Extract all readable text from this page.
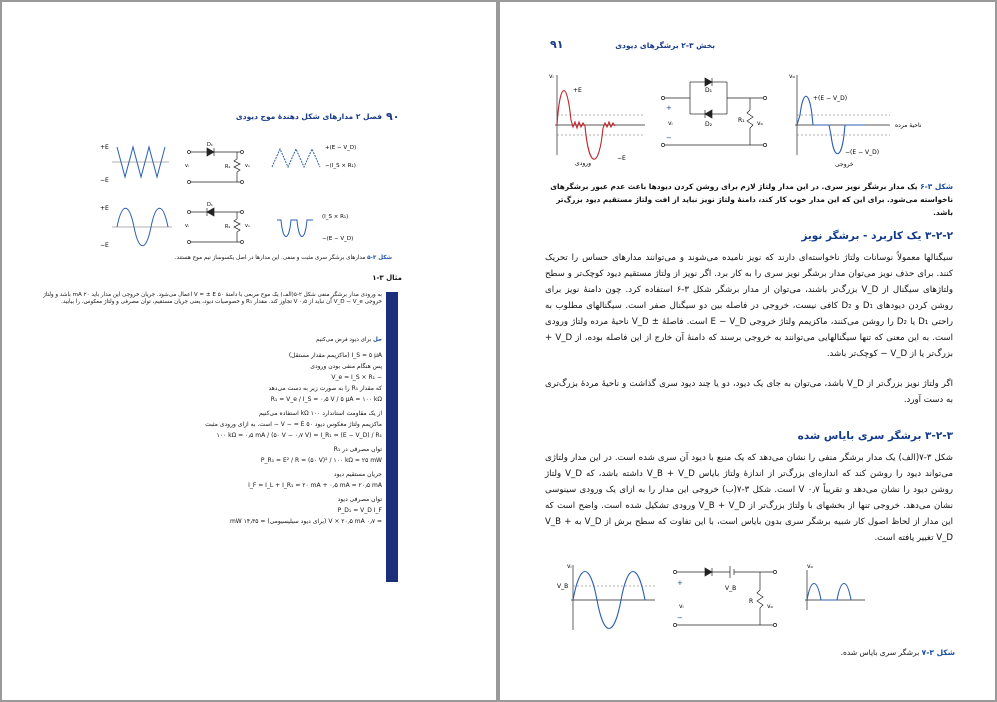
۹۰
فصل ۲ مدارهای شکل دهندهٔ موج دیودی
+E
−E
D₁
R₁
vᵢ	vₒ
+(E − V_D)
−(I_S × R₁)
+E
−E
D₁
R₁
vᵢ	vₒ
(I_S × R₁)
−(E − V_D)
شکل ۳-۵ مدارهای برشگر سری مثبت و منفی. این مدارها در اصل یکسوساز نیم موج هستند.
مثال ۳-۱
به ورودی مدار برشگر منفی شکل ۲-۵(الف) یک موج مربعی با دامنهٔ ۵۰ V = ± E اعمال می‌شود. جریان خروجی این مدار باید ۲۰ mA باشد و ولتاژ خروجی V_D − V_e آن نباید از ۰٫۵ V تجاوز کند. مقدار R₁ و خصوصیات دیود، یعنی جریان مستقیم، توان مصرفی و ولتاژ معکوس، را بیابید.
حل برای دیود فرض می‌کنیم
I_S = ۵ μA (ماکزیمم مقدار مستقل)
پس هنگام منفی بودن ورودی
− V_e = I_S × R₁
که مقدار R₁ را به صورت زیر به دست می‌دهد
R₁ = V_e / I_S = ۰٫۵ V / ۵ μA = ۱۰۰ kΩ
از یک مقاومت استاندارد ۱۰۰ kΩ استفاده می‌کنیم
ماکزیمم ولتاژ معکوس دیود ۵۰ V − = E − است. به ازای ورودی مثبت
I_R₁ = (E − V_D) / R₁ = (۵۰ V − ۰٫۷ V) / ۱۰۰ kΩ = ۰٫۵ mA
توان مصرفی در R₁
P_R₁ = E² / R = (۵۰ V)² / ۱۰۰ kΩ = ۲۵ mW
جریان مستقیم دیود
I_F = I_L + I_R₁ = ۲۰ mA + ۰٫۵ mA = ۲۰٫۵ mA
توان مصرفی دیود
P_D₁ = V_D I_F
= ۰٫۷ V × ۲۰٫۵ mA (برای دیود سیلیسیومی) = ۱۴٫۳۵ mW
۹۱	بخش ۳-۲ برشگرهای دیودی
vᵢ
+E
−E
ورودی
D₁
D₂
R₁
vᵢ	vₒ
+
−
vₒ
+(E − V_D)
−(E − V_D)
ناحیهٔ مرده
خروجی
شکل ۳-۶ یک مدار برشگر نویز سری. در این مدار ولتاژ لازم برای روشن کردن دیودها باعث عدم عبور برشگرهای ناخواسته می‌شود. برای این که این مدار خوب کار کند، دامنهٔ ولتاژ نویز نباید از افت ولتاژ مستقیم دیود بزرگ‌تر باشد.
۳-۲-۲ یک کاربرد - برشگر نویز
سیگنالها معمولاً نوسانات ولتاژ ناخواسته‌ای دارند که نویز نامیده می‌شوند و می‌توانند مدارهای حساس را تحریک کنند. برای حذف نویز می‌توان مدار برشگر نویز سری را به کار برد. اگر نویز از ولتاژ مستقیم دیود کوچک‌تر و سطح ولتاژهای سیگنال از V_D بزرگ‌تر باشند، می‌توان از مدار برشگر شکل ۳-۶ استفاده کرد. چون دامنهٔ نویز برای روشن کردن دیودهای D₁ و D₂ کافی نیست، خروجی در فاصله بین دو سیگنال صفر است. سیگنالهای مطلوب به راحتی D₁ یا D₂ را روشن می‌کنند، ماکزیمم ولتاژ خروجی E − V_D است. فاصلهٔ ± V_D ناحیهٔ مرده ولتاژ ورودی است. به این معنی که تنها سیگنالهایی می‌توانند به خروجی برسند که دامنهٔ آن خارج از این فاصله بوده، از V_D + بزرگ‌تر یا از V_D − کوچک‌تر باشد.
اگر ولتاژ نویز بزرگ‌تر از V_D باشد، می‌توان به جای یک دیود، دو یا چند دیود سری گذاشت و ناحیهٔ مردهٔ بزرگ‌تری به دست آورد.
۳-۲-۳ برشگر سری بایاس شده
شکل ۳-۷(الف) یک مدار برشگر منفی را نشان می‌دهد که یک منبع با دیود آن سری شده است. در این مدار ولتاژی می‌تواند دیود را روشن کند که اندازه‌ای بزرگ‌تر از اندازهٔ ولتاژ بایاس V_B + V_D داشته باشد، که V_D ولتاژ روشن دیود را نشان می‌دهد و تقریباً ۰٫۷ V است. شکل ۳-۷(ب) خروجی این مدار را به ازای یک ورودی سینوسی نشان می‌دهد. خروجی تنها از بخشهای با ولتاژ بزرگ‌تر از V_B + V_D ورودی تشکیل شده است. واضح است که این مدار از لحاظ اصول کار شبیه برشگر سری بدون بایاس است، با این تفاوت که سطح برش از V_D به V_B + V_D تغییر یافته است.
vᵢ
V_B	V_B
R
vᵢ	vₒ
+
−
vₒ
شکل ۳-۷ برشگر سری بایاس شده.
